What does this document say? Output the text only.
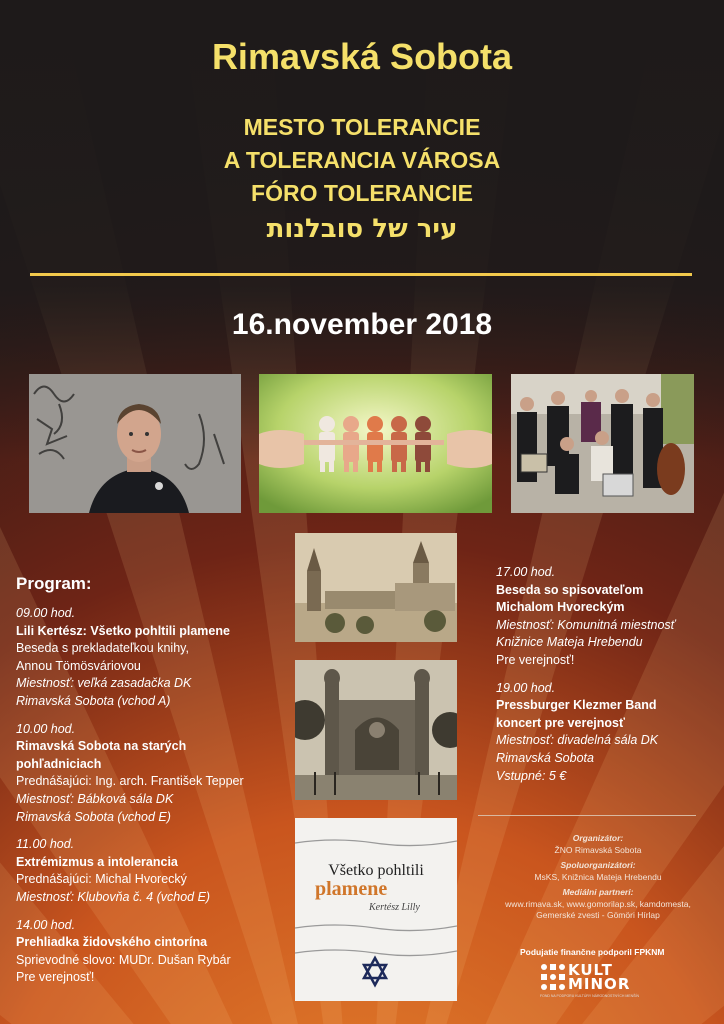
Rimavská Sobota
MESTO TOLERANCIE
A TOLERANCIA VÁROSA
FÓRO TOLERANCIE
עיר של סובלנות
16.november 2018
Všetko pohltili
plamene
Kertész Lilly
Program:
09.00 hod.
Lili Kertész: Všetko pohltili plamene
Beseda s prekladateľkou knihy,
Annou Tömösváriovou
Miestnosť: veľká zasadačka DK
Rimavská Sobota (vchod A)
10.00 hod.
Rimavská Sobota na starých
pohľadniciach
Prednášajúci: Ing. arch. František Tepper
Miestnosť: Bábková sála DK
Rimavská Sobota (vchod E)
11.00 hod.
Extrémizmus a intolerancia
Prednášajúci: Michal Hvorecký
Miestnosť: Klubovňa č. 4 (vchod E)
14.00 hod.
Prehliadka židovského cintorína
Sprievodné slovo: MUDr. Dušan Rybár
Pre verejnosť!
17.00 hod.
Beseda so spisovateľom
Michalom Hvoreckým
Miestnosť: Komunitná miestnosť
Knižnice Mateja Hrebendu
Pre verejnosť!
19.00 hod.
Pressburger Klezmer Band
koncert pre verejnosť
Miestnosť: divadelná sála DK
Rimavská Sobota
Vstupné: 5 €
Organizátor:
ŽNO Rimavská Sobota
Spoluorganizátori:
MsKS, Knižnica Mateja Hrebendu
Mediálni partneri:
www.rimava.sk, www.gomorilap.sk, kamdomesta,
Gemerské zvesti - Gömöri Hírlap
Podujatie finančne podporil FPKNM
KULT
MINOR
FOND NA PODPORU KULTÚRY NÁRODNOSTNÝCH MENŠÍN
